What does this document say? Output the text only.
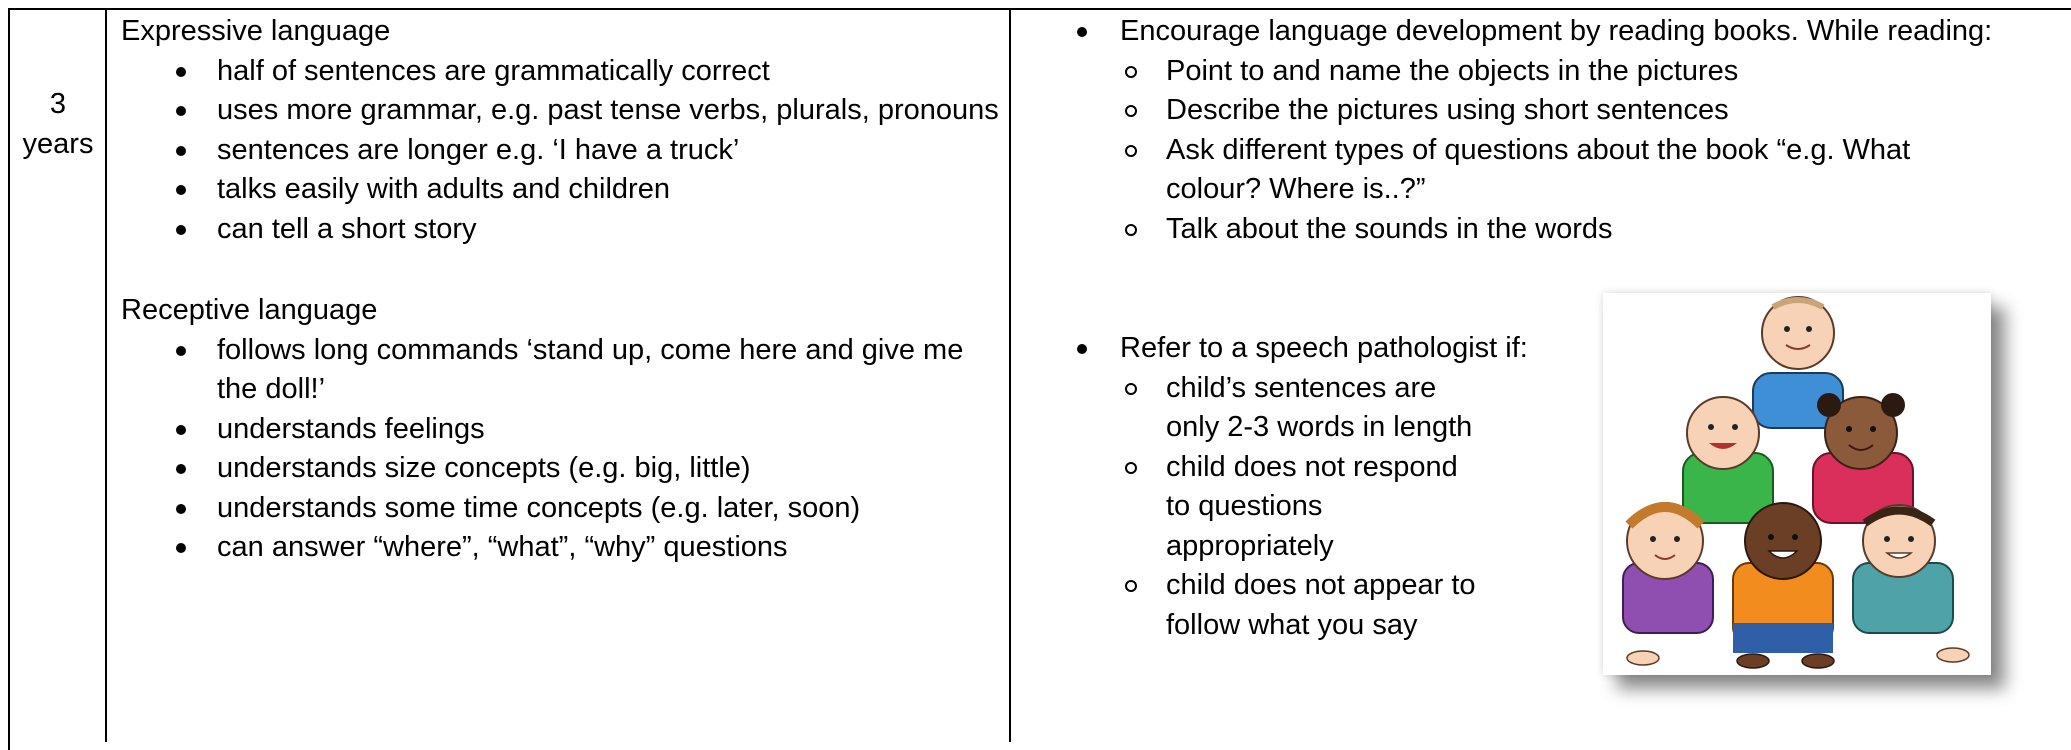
3
years

Expressive language

half of sentences are grammatically correct
uses more grammar, e.g. past tense verbs, plurals, pronouns
sentences are longer e.g. ‘I have a truck’
talks easily with adults and children
can tell a short story

Receptive language

follows long commands ‘stand up, come here and give me the doll!’
understands feelings
understands size concepts (e.g. big, little)
understands some time concepts (e.g. later, soon)
can answer “where”, “what”, “why” questions
Encourage language development by reading books. While reading:
Point to and name the objects in the pictures
Describe the pictures using short sentences
Ask different types of questions about the book “e.g. What colour? Where is..?”
Talk about the sounds in the words
Refer to a speech pathologist if:
child’s sentences are only 2-3 words in length
child does not respond to questions appropriately
child does not appear to follow what you say
